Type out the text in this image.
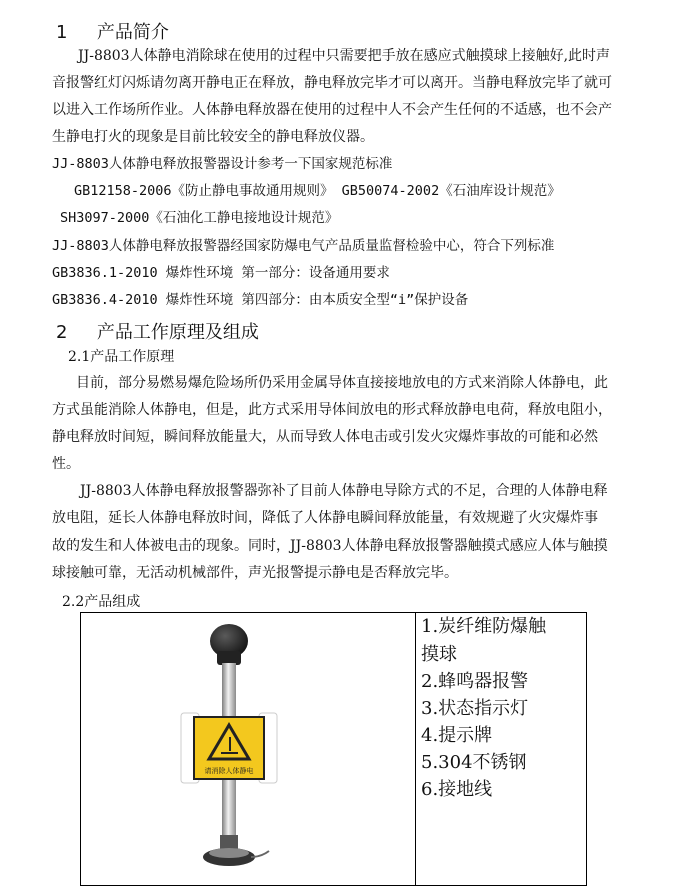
1 产品简介
JJ-8803人体静电消除球在使用的过程中只需要把手放在感应式触摸球上接触好,此时声
音报警红灯闪烁请勿离开静电正在释放，静电释放完毕才可以离开。当静电释放完毕了就可
以进入工作场所作业。人体静电释放器在使用的过程中人不会产生任何的不适感，也不会产
生静电打火的现象是目前比较安全的静电释放仪器。
JJ-8803人体静电释放报警器设计参考一下国家规范标准
GB12158-2006《防止静电事故通用规则》 GB50074-2002《石油库设计规范》
SH3097-2000《石油化工静电接地设计规范》
JJ-8803人体静电释放报警器经国家防爆电气产品质量监督检验中心，符合下列标准
GB3836.1-2010 爆炸性环境 第一部分：设备通用要求
GB3836.4-2010 爆炸性环境 第四部分：由本质安全型“i”保护设备
2 产品工作原理及组成
2.1产品工作原理
目前，部分易燃易爆危险场所仍采用金属导体直接接地放电的方式来消除人体静电，此
方式虽能消除人体静电，但是，此方式采用导体间放电的形式释放静电电荷，释放电阻小，
静电释放时间短，瞬间释放能量大，从而导致人体电击或引发火灾爆炸事故的可能和必然
性。
JJ-8803人体静电释放报警器弥补了目前人体静电导除方式的不足，合理的人体静电释
放电阻，延长人体静电释放时间，降低了人体静电瞬间释放能量，有效规避了火灾爆炸事
故的发生和人体被电击的现象。同时，JJ-8803人体静电释放报警器触摸式感应人体与触摸
球接触可靠，无活动机械部件，声光报警提示静电是否释放完毕。
2.2产品组成
请消除人体静电
1.炭纤维防爆触
摸球
2.蜂鸣器报警
3.状态指示灯
4.提示牌
5.304不锈钢
6.接地线
